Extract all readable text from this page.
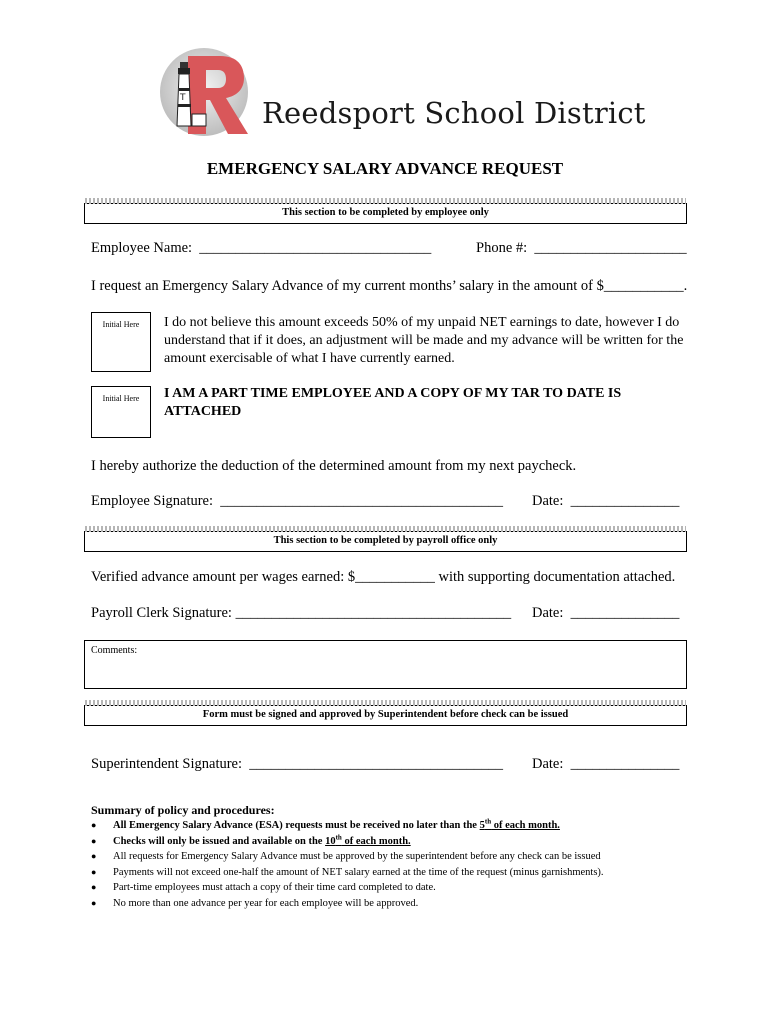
T	Reedsport School District
EMERGENCY SALARY ADVANCE REQUEST
This section to be completed by employee only
Employee Name:  ________________________________	Phone #:  _____________________
I request an Emergency Salary Advance of my current months’ salary in the amount of $___________.
Initial Here	I do not believe this amount exceeds 50% of my unpaid NET earnings to date, however I do understand that if it does, an adjustment will be made and my advance will be written for the amount exercisable of what I have currently earned.
Initial Here	I AM A PART TIME EMPLOYEE AND A COPY OF MY TAR TO DATE IS ATTACHED
I hereby authorize the deduction of the determined amount from my next paycheck.
Employee Signature:  _______________________________________ Date:  _______________
This section to be completed by payroll office only
Verified advance amount per wages earned: $___________ with supporting documentation attached.
Payroll Clerk Signature: ______________________________________ Date:  _______________
Comments:
Form must be signed and approved by Superintendent before check can be issued
Superintendent Signature:  ___________________________________ Date:  _______________
Summary of policy and procedures:
● All Emergency Salary Advance (ESA) requests must be received no later than the 5th of each month.
● Checks will only be issued and available on the 10th of each month.
● All requests for Emergency Salary Advance must be approved by the superintendent before any check can be issued
● Payments will not exceed one-half the amount of NET salary earned at the time of the request (minus garnishments).
● Part-time employees must attach a copy of their time card completed to date.
● No more than one advance per year for each employee will be approved.
